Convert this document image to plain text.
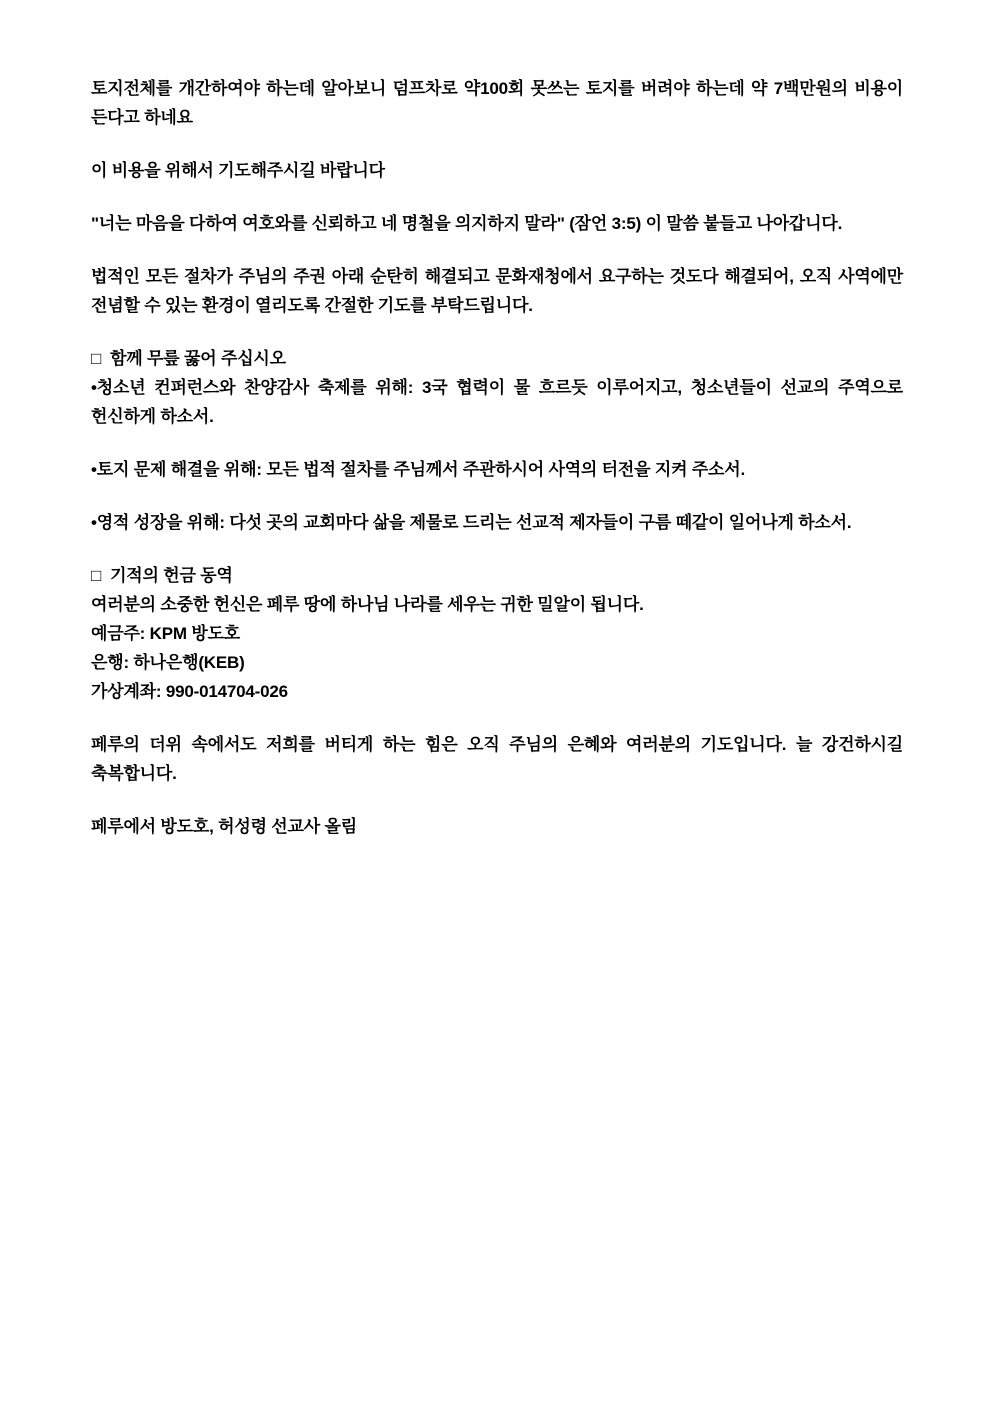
토지전체를 개간하여야 하는데 알아보니 덤프차로 약100회 못쓰는 토지를 버려야 하는데 약 7백만원의 비용이 든다고 하네요

이 비용을 위해서 기도해주시길 바랍니다

"너는 마음을 다하여 여호와를 신뢰하고 네 명철을 의지하지 말라" (잠언 3:5) 이 말씀 붙들고 나아갑니다.

법적인 모든 절차가 주님의 주권 아래 순탄히 해결되고 문화재청에서 요구하는 것도다 해결되어, 오직 사역에만 전념할 수 있는 환경이 열리도록 간절한 기도를 부탁드립니다.

□ 함께 무릎 꿇어 주십시오

•청소년 컨퍼런스와 찬양감사 축제를 위해: 3국 협력이 물 흐르듯 이루어지고, 청소년들이 선교의 주역으로 헌신하게 하소서.

•토지 문제 해결을 위해: 모든 법적 절차를 주님께서 주관하시어 사역의 터전을 지켜 주소서.

•영적 성장을 위해: 다섯 곳의 교회마다 삶을 제물로 드리는 선교적 제자들이 구름 떼같이 일어나게 하소서.

□ 기적의 헌금 동역

여러분의 소중한 헌신은 페루 땅에 하나님 나라를 세우는 귀한 밀알이 됩니다.

예금주: KPM 방도호

은행: 하나은행(KEB)

가상계좌: 990-014704-026

페루의 더위 속에서도 저희를 버티게 하는 힘은 오직 주님의 은혜와 여러분의 기도입니다. 늘 강건하시길 축복합니다.

페루에서 방도호, 허성령 선교사 올림
